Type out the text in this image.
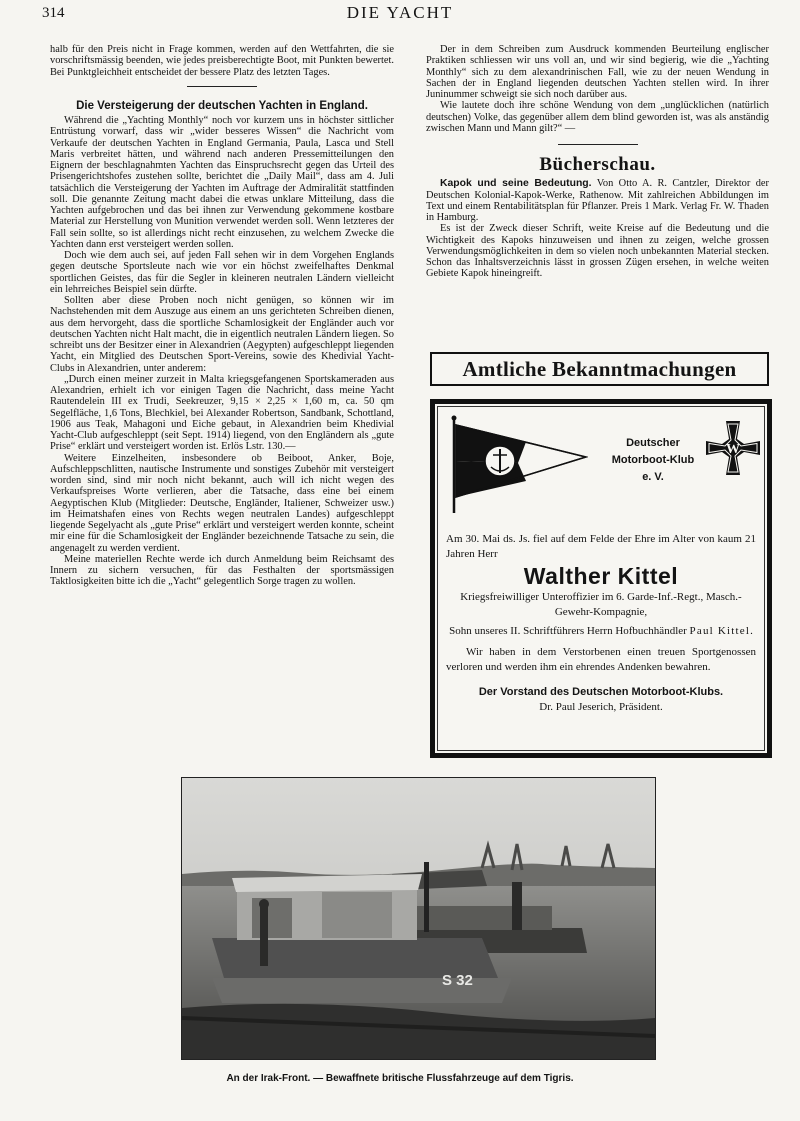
314	DIE YACHT

halb für den Preis nicht in Frage kommen, werden auf den Wettfahrten, die sie vorschriftsmässig beenden, wie jedes preisberechtigte Boot, mit Punkten bewertet. Bei Punktgleichheit entscheidet der bessere Platz des letzten Tages.

Die Versteigerung der deutschen Yachten in England.

Während die „Yachting Monthly“ noch vor kurzem uns in höchster sittlicher Entrüstung vorwarf, dass wir „wider besseres Wissen“ die Nachricht vom Verkaufe der deutschen Yachten in England Germania, Paula, Lasca und Stell Maris verbreitet hätten, und während nach anderen Pressemitteilungen den Eignern der beschlagnahmten Yachten das Einspruchsrecht gegen das Urteil des Prisengerichtshofes zustehen sollte, berichtet die „Daily Mail“, dass am 4. Juli tatsächlich die Versteigerung der Yachten im Auftrage der Admiralität stattfinden soll. Die genannte Zeitung macht dabei die etwas unklare Mitteilung, dass die Yachten aufgebrochen und das bei ihnen zur Verwendung gekommene kostbare Material zur Herstellung von Munition verwendet werden soll. Wenn letzteres der Fall sein sollte, so ist allerdings nicht recht einzusehen, zu welchem Zwecke die Yachten dann erst versteigert werden sollen.

Doch wie dem auch sei, auf jeden Fall sehen wir in dem Vorgehen Englands gegen deutsche Sportsleute nach wie vor ein höchst zweifelhaftes Denkmal sportlichen Geistes, das für die Segler in kleineren neutralen Ländern vielleicht ein lehrreiches Beispiel sein dürfte.

Sollten aber diese Proben noch nicht genügen, so können wir im Nachstehenden mit dem Auszuge aus einem an uns gerichteten Schreiben dienen, aus dem hervorgeht, dass die sportliche Schamlosigkeit der Engländer auch vor deutschen Yachten nicht Halt macht, die in eigentlich neutralen Ländern liegen. So schreibt uns der Besitzer einer in Alexandrien (Aegypten) aufgeschleppt liegenden Yacht, ein Mitglied des Deutschen Sport-Vereins, sowie des Khedivial Yacht-Clubs in Alexandrien, unter anderem:

„Durch einen meiner zurzeit in Malta kriegsgefangenen Sportskameraden aus Alexandrien, erhielt ich vor einigen Tagen die Nachricht, dass meine Yacht Rautendelein III ex Trudi, Seekreuzer, 9,15 × 2,25 × 1,60 m, ca. 50 qm Segelfläche, 1,6 Tons, Blechkiel, bei Alexander Robertson, Sandbank, Schottland, 1906 aus Teak, Mahagoni und Eiche gebaut, in Alexandrien beim Khedivial Yacht-Club aufgeschleppt (seit Sept. 1914) liegend, von den Engländern als „gute Prise“ erklärt und versteigert worden ist. Erlös Lstr. 130.—

Weitere Einzelheiten, insbesondere ob Beiboot, Anker, Boje, Aufschleppschlitten, nautische Instrumente und sonstiges Zubehör mit versteigert worden sind, sind mir noch nicht bekannt, auch will ich nicht wegen des Verkaufspreises Worte verlieren, aber die Tatsache, dass eine bei einem Aegyptischen Klub (Mitglieder: Deutsche, Engländer, Italiener, Schweizer usw.) im Heimatshafen eines von Rechts wegen neutralen Landes) aufgeschleppt liegende Segelyacht als „gute Prise“ erklärt und versteigert werden konnte, scheint mir eine für die Schamlosigkeit der Engländer bezeichnende Tatsache zu sein, die angenagelt zu werden verdient.

Meine materiellen Rechte werde ich durch Anmeldung beim Reichsamt des Innern zu sichern versuchen, für das Festhalten der sportsmässigen Taktlosigkeiten bitte ich die „Yacht“ gelegentlich Sorge tragen zu wollen.

Der in dem Schreiben zum Ausdruck kommenden Beurteilung englischer Praktiken schliessen wir uns voll an, und wir sind begierig, wie die „Yachting Monthly“ sich zu dem alexandrinischen Fall, wie zu der neuen Wendung in Sachen der in England liegenden deutschen Yachten stellen wird. In ihrer Juninummer schweigt sie sich noch darüber aus.

Wie lautete doch ihre schöne Wendung von dem „unglücklichen (natürlich deutschen) Volke, das gegenüber allem dem blind geworden ist, was als anständig zwischen Mann und Mann gilt?“ —

Bücherschau.

Kapok und seine Bedeutung. Von Otto A. R. Cantzler, Direktor der Deutschen Kolonial-Kapok-Werke, Rathenow. Mit zahlreichen Abbildungen im Text und einem Rentabilitätsplan für Pflanzer. Preis 1 Mark. Verlag Fr. W. Thaden in Hamburg.

Es ist der Zweck dieser Schrift, weite Kreise auf die Bedeutung und die Wichtigkeit des Kapoks hinzuweisen und ihnen zu zeigen, welche grossen Verwendungsmöglichkeiten in dem so vielen noch unbekannten Material stecken. Schon das Inhaltsverzeichnis lässt in grossen Zügen ersehen, in welche weiten Gebiete Kapok hineingreift.

Amtliche Bekanntmachungen
Deutscher
Motorboot-Klub
e. V.
W
Am 30. Mai ds. Js. fiel auf dem Felde der Ehre im Alter von kaum 21 Jahren Herr
Walther Kittel
Kriegsfreiwilliger Unteroffizier im 6. Garde-Inf.-Regt., Masch.-Gewehr-Kompagnie,
Sohn unseres II. Schriftführers Herrn Hofbuchhändler Paul Kittel.
Wir haben in dem Verstorbenen einen treuen Sportgenossen verloren und werden ihm ein ehrendes Andenken bewahren.
Der Vorstand des Deutschen Motorboot-Klubs.
Dr. Paul Jeserich, Präsident.
S 32
An der Irak-Front. — Bewaffnete britische Flussfahrzeuge auf dem Tigris.
